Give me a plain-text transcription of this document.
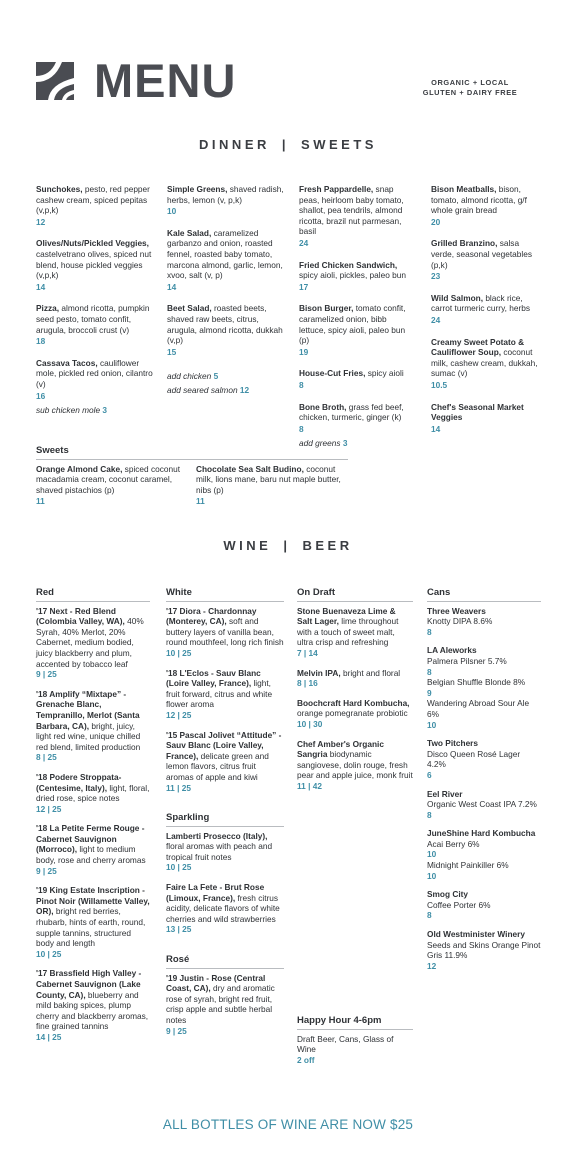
MENU	ORGANIC + LOCAL
GLUTEN + DAIRY FREE
DINNER | SWEETS
Sunchokes, pesto, red pepper cashew cream, spiced pepitas (v,p,k)
12
Olives/Nuts/Pickled Veggies, castelvetrano olives, spiced nut blend, house pickled veggies (v,p,k)
14
Pizza, almond ricotta, pumpkin seed pesto, tomato confit, arugula, broccoli crust (v)
18
Cassava Tacos, cauliflower mole, pickled red onion, cilantro (v)
16
sub chicken mole 3
Simple Greens, shaved radish, herbs, lemon (v, p,k)
10
Kale Salad, caramelized garbanzo and onion, roasted fennel, roasted baby tomato, marcona almond, garlic, lemon, xvoo, salt (v, p)
14
Beet Salad, roasted beets, shaved raw beets, citrus, arugula, almond ricotta, dukkah (v,p)
15
add chicken 5
add seared salmon 12
Fresh Pappardelle, snap peas, heirloom baby tomato, shallot, pea tendrils, almond ricotta, brazil nut parmesan, basil
24
Fried Chicken Sandwich, spicy aioli, pickles, paleo bun
17
Bison Burger, tomato confit, caramelized onion, bibb lettuce, spicy aioli, paleo bun (p)
19
House-Cut Fries, spicy aioli
8
Bone Broth, grass fed beef, chicken, turmeric, ginger (k)
8
add greens 3
Bison Meatballs, bison, tomato, almond ricotta, g/f whole grain bread
20
Grilled Branzino, salsa verde, seasonal vegetables (p,k)
23
Wild Salmon, black rice, carrot turmeric curry, herbs
24
Creamy Sweet Potato & Cauliflower Soup, coconut milk, cashew cream, dukkah, sumac (v)
10.5
Chef's Seasonal Market Veggies
14
Sweets
Orange Almond Cake, spiced coconut macadamia cream, coconut caramel, shaved pistachios (p)
11
Chocolate Sea Salt Budino, coconut milk, lions mane, baru nut maple butter, nibs (p)
11
WINE | BEER
Red
'17 Next - Red Blend (Colombia Valley, WA), 40% Syrah, 40% Merlot, 20% Cabernet, medium bodied, juicy blackberry and plum, accented by tobacco leaf
9 | 25
'18 Amplify “Mixtape” - Grenache Blanc, Tempranillo, Merlot (Santa Barbara, CA), bright, juicy, light red wine, unique chilled red blend, limited production
8 | 25
'18 Podere Stroppata- (Centesime, Italy), light, floral, dried rose, spice notes
12 | 25
'18 La Petite Ferme Rouge - Cabernet Sauvignon (Morroco), light to medium body, rose and cherry aromas
9 | 25
'19 King Estate Inscription - Pinot Noir (Willamette Valley, OR), bright red berries, rhubarb, hints of earth, round, supple tannins, structured body and length
10 | 25
'17 Brassfield High Valley - Cabernet Sauvignon (Lake County, CA), blueberry and mild baking spices, plump cherry and blackberry aromas, fine grained tannins
14 | 25
White
'17 Diora - Chardonnay (Monterey, CA), soft and buttery layers of vanilla bean, round mouthfeel, long rich finish
10 | 25
'18 L'Eclos - Sauv Blanc (Loire Valley, France), light, fruit forward, citrus and white flower aroma
12 | 25
'15 Pascal Jolivet “Attitude” - Sauv Blanc (Loire Valley, France), delicate green and lemon flavors, citrus fruit aromas of apple and kiwi
11 | 25
Sparkling
Lamberti Prosecco (Italy), floral aromas with peach and tropical fruit notes
10 | 25
Faire La Fete - Brut Rose (Limoux, France), fresh citrus acidity, delicate flavors of white cherries and wild strawberries
13 | 25
Rosé
'19 Justin - Rose (Central Coast, CA), dry and aromatic rose of syrah, bright red fruit, crisp apple and subtle herbal notes
9 | 25
On Draft
Stone Buenaveza Lime & Salt Lager, lime throughout with a touch of sweet malt, ultra crisp and refreshing
7 | 14
Melvin IPA, bright and floral
8 | 16
Boochcraft Hard Kombucha, orange pomegranate probiotic
10 | 30
Chef Amber's Organic Sangria biodynamic sangiovese, dolin rouge, fresh pear and apple juice, monk fruit
11 | 42
Happy Hour 4-6pm
Draft Beer, Cans, Glass of Wine
2 off
Cans
Three Weavers
Knotty DIPA 8.6%
8
LA Aleworks
Palmera Pilsner 5.7%
8
Belgian Shuffle Blonde 8%
9
Wandering Abroad Sour Ale 6%
10
Two Pitchers
Disco Queen Rosé Lager 4.2%
6
Eel River
Organic West Coast IPA 7.2%
8
JuneShine Hard Kombucha
Acai Berry 6%
10
Midnight Painkiller 6%
10
Smog City
Coffee Porter 6%
8
Old Westminister Winery
Seeds and Skins Orange Pinot Gris 11.9%
12
ALL BOTTLES OF WINE ARE NOW $25
